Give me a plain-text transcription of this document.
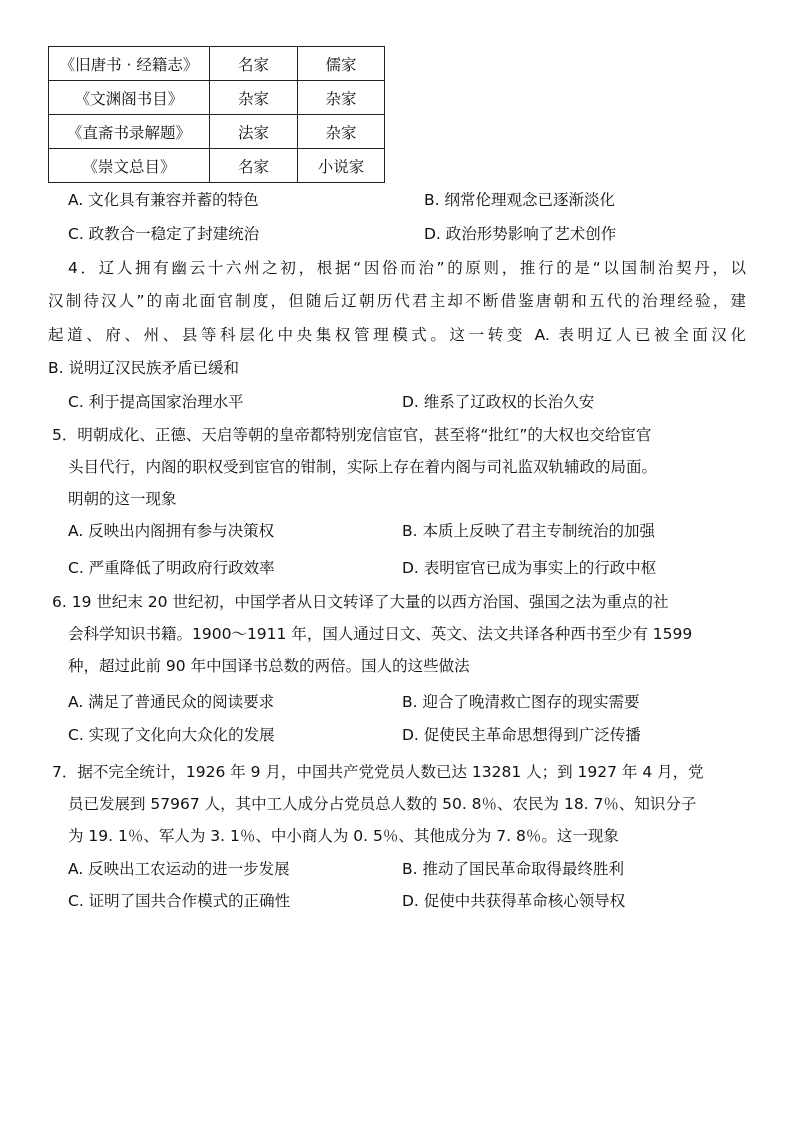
《旧唐书 · 经籍志》	名家	儒家
《文渊阁书目》	杂家	杂家
《直斋书录解题》	法家	杂家
《崇文总目》	名家	小说家
A. 文化具有兼容并蓄的特色	B. 纲常伦理观念已逐渐淡化
C. 政教合一稳定了封建统治	D. 政治形势影响了艺术创作
4．辽人拥有幽云十六州之初，根据“因俗而治”的原则，推行的是“以国制治契丹，以
汉制待汉人”的南北面官制度，但随后辽朝历代君主却不断借鉴唐朝和五代的治理经验，建
起道、府、州、县等科层化中央集权管理模式。这一转变 A. 表明辽人已被全面汉化
B. 说明辽汉民族矛盾已缓和
C. 利于提高国家治理水平	D. 维系了辽政权的长治久安
5．明朝成化、正德、天启等朝的皇帝都特别宠信宦官，甚至将“批红”的大权也交给宦官
头目代行，内阁的职权受到宦官的钳制，实际上存在着内阁与司礼监双轨辅政的局面。
明朝的这一现象
A. 反映出内阁拥有参与决策权	B. 本质上反映了君主专制统治的加强
C. 严重降低了明政府行政效率	D. 表明宦官已成为事实上的行政中枢
6. 19 世纪末 20 世纪初，中国学者从日文转译了大量的以西方治国、强国之法为重点的社
会科学知识书籍。1900～1911 年，国人通过日文、英文、法文共译各种西书至少有 1599
种，超过此前 90 年中国译书总数的两倍。国人的这些做法
A. 满足了普通民众的阅读要求	B. 迎合了晚清救亡图存的现实需要
C. 实现了文化向大众化的发展	D. 促使民主革命思想得到广泛传播
7．据不完全统计，1926 年 9 月，中国共产党党员人数已达 13281 人；到 1927 年 4 月，党
员已发展到 57967 人，其中工人成分占党员总人数的 50. 8％、农民为 18. 7％、知识分子
为 19. 1％、军人为 3. 1％、中小商人为 0. 5％、其他成分为 7. 8％。这一现象
A. 反映出工农运动的进一步发展	B. 推动了国民革命取得最终胜利
C. 证明了国共合作模式的正确性	D. 促使中共获得革命核心领导权
